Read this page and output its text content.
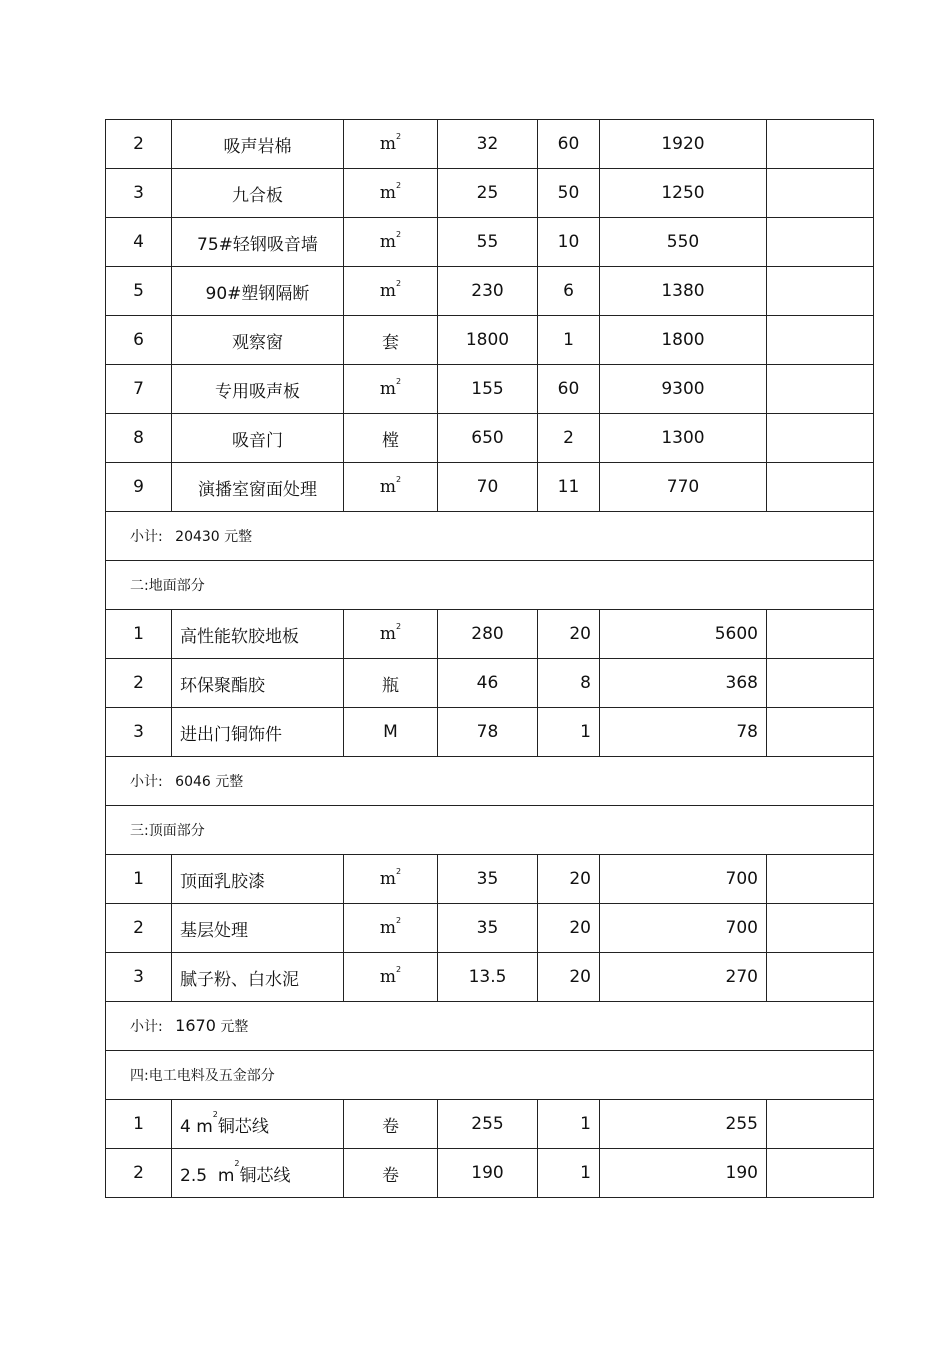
2	吸声岩棉	$m^2$	32	60	1920	
3	九合板	$m^2$	25	50	1250	
4	75#轻钢吸音墙	$m^2$	55	10	550	
5	90#塑钢隔断	$m^2$	230	6	1380	
6	观察窗	套	1800	1	1800	
7	专用吸声板	$m^2$	155	60	9300	
8	吸音门	樘	650	2	1300	
9	演播室窗面处理	$m^2$	70	11	770	
小计: 20430 元整						
二:地面部分						
1	高性能软胶地板	$m^2$	280	20	5600	
2	环保聚酯胶	瓶	46	8	368	
3	进出门铜饰件	M	78	1	78	
小计: 6046 元整						
三:顶面部分						
1	顶面乳胶漆	$m^2$	35	20	700	
2	基层处理	$m^2$	35	20	700	
3	腻子粉、白水泥	$m^2$	13.5	20	270	
小计: 1670 元整						
四:电工电料及五金部分						
1	4 $m^2$铜芯线	卷	255	1	255	
2	2.5  $m^2$铜芯线	卷	190	1	190	
